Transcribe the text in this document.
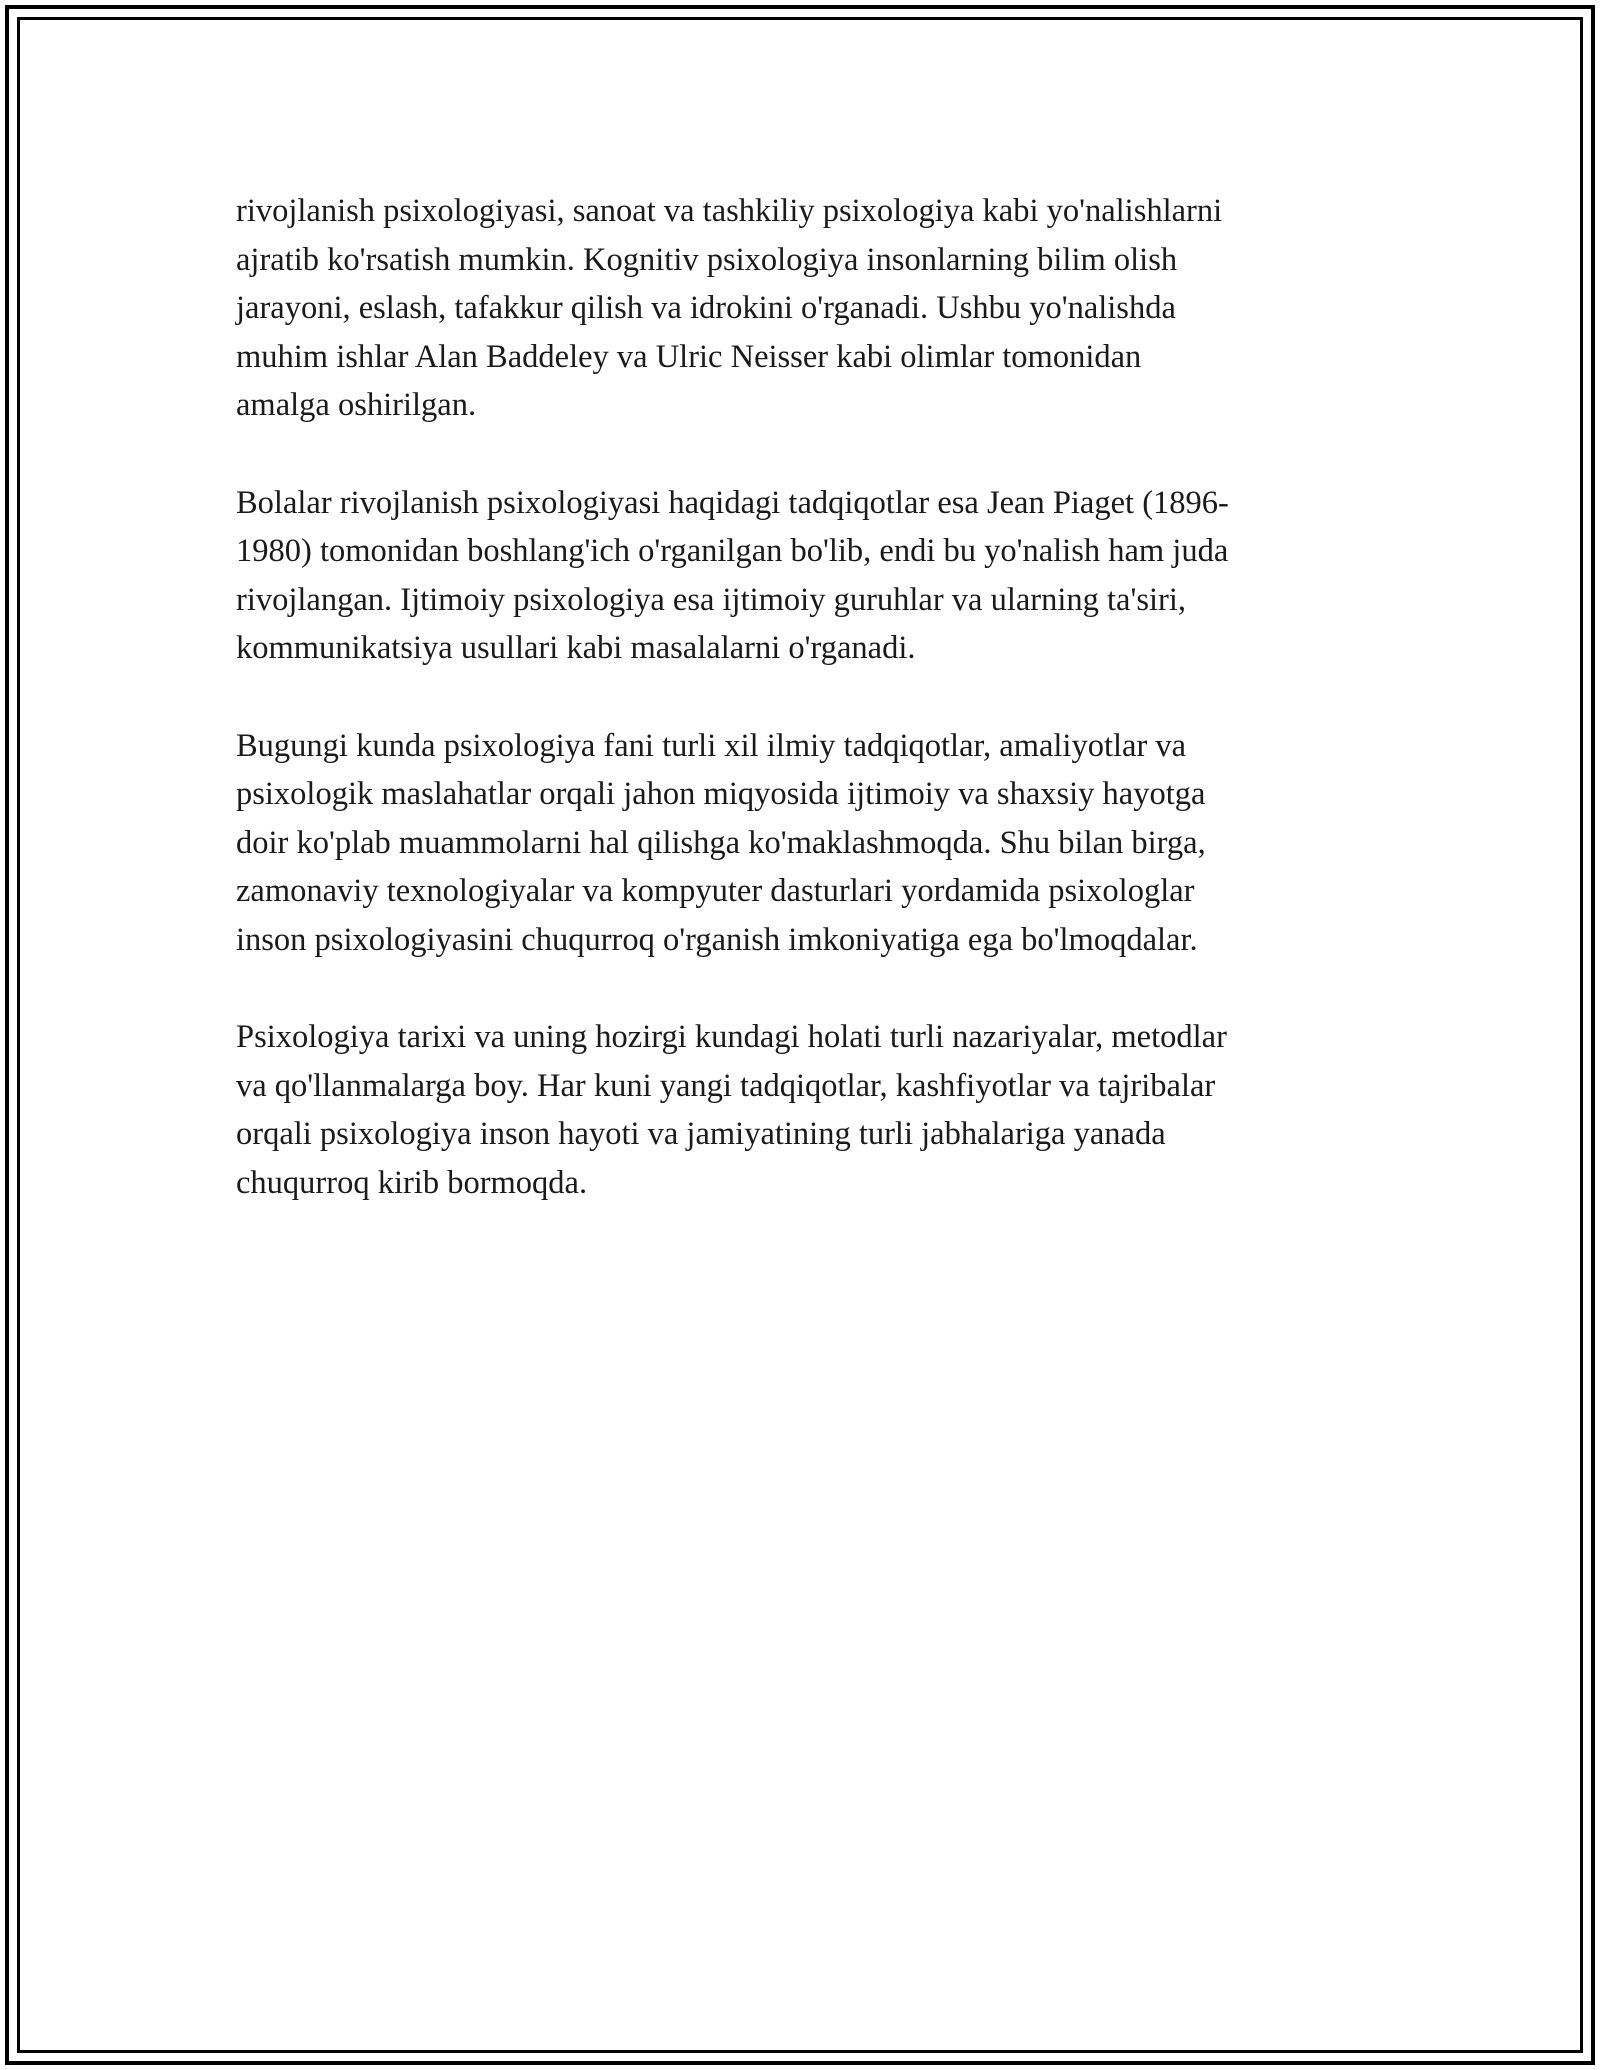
rivojlanish psixologiyasi, sanoat va tashkiliy psixologiya kabi yo'nalishlarni
ajratib ko'rsatish mumkin. Kognitiv psixologiya insonlarning bilim olish
jarayoni, eslash, tafakkur qilish va idrokini o'rganadi. Ushbu yo'nalishda
muhim ishlar Alan Baddeley va Ulric Neisser kabi olimlar tomonidan
amalga oshirilgan.

Bolalar rivojlanish psixologiyasi haqidagi tadqiqotlar esa Jean Piaget (1896-
1980) tomonidan boshlang'ich o'rganilgan bo'lib, endi bu yo'nalish ham juda
rivojlangan. Ijtimoiy psixologiya esa ijtimoiy guruhlar va ularning ta'siri,
kommunikatsiya usullari kabi masalalarni o'rganadi.

Bugungi kunda psixologiya fani turli xil ilmiy tadqiqotlar, amaliyotlar va
psixologik maslahatlar orqali jahon miqyosida ijtimoiy va shaxsiy hayotga
doir ko'plab muammolarni hal qilishga ko'maklashmoqda. Shu bilan birga,
zamonaviy texnologiyalar va kompyuter dasturlari yordamida psixologlar
inson psixologiyasini chuqurroq o'rganish imkoniyatiga ega bo'lmoqdalar.

Psixologiya tarixi va uning hozirgi kundagi holati turli nazariyalar, metodlar
va qo'llanmalarga boy. Har kuni yangi tadqiqotlar, kashfiyotlar va tajribalar
orqali psixologiya inson hayoti va jamiyatining turli jabhalariga yanada
chuqurroq kirib bormoqda.
